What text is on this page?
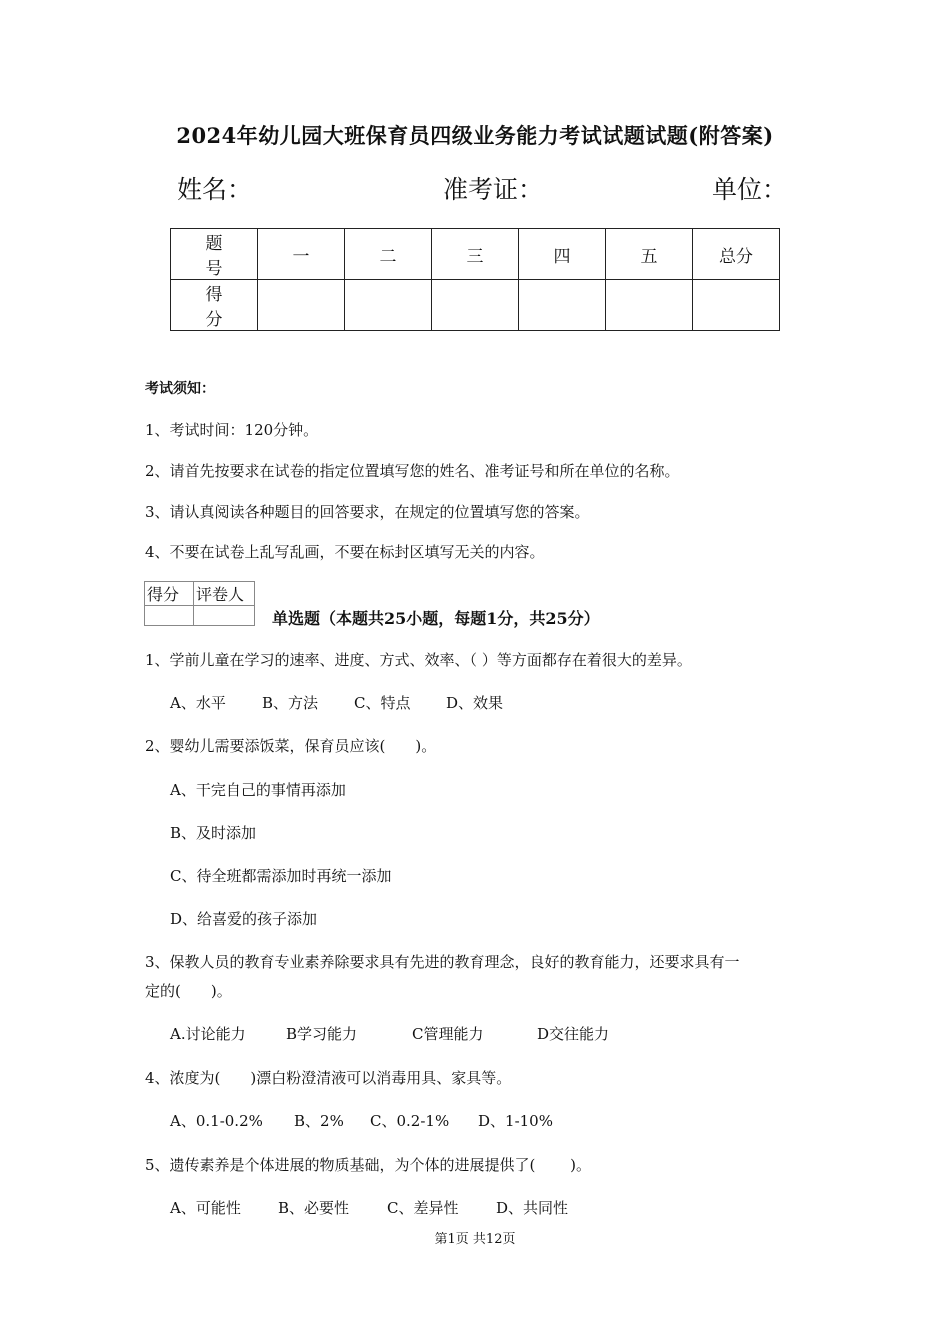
2024年幼儿园大班保育员四级业务能力考试试题试题(附答案)
姓名：	准考证：	单位：
题 号	一	二	三	四	五	总分
得 分						
考试须知：
1、考试时间：120分钟。
2、请首先按要求在试卷的指定位置填写您的姓名、准考证号和所在单位的名称。
3、请认真阅读各种题目的回答要求，在规定的位置填写您的答案。
4、不要在试卷上乱写乱画，不要在标封区填写无关的内容。
得分	评卷人

单选题（本题共25小题，每题1分，共25分）
1、学前儿童在学习的速率、进度、方式、效率、（ ）等方面都存在着很大的差异。
A、水平 B、方法 C、特点 D、效果
2、婴幼儿需要添饭菜，保育员应该(　　)。
A、干完自己的事情再添加
B、及时添加
C、待全班都需添加时再统一添加
D、给喜爱的孩子添加
3、保教人员的教育专业素养除要求具有先进的教育理念，良好的教育能力，还要求具有一
定的(　　)。
A.讨论能力	B学习能力	C管理能力	D交往能力
4、浓度为(　　)漂白粉澄清液可以消毒用具、家具等。
A、0.1-0.2% B、2% C、0.2-1% D、1-10%
5、遗传素养是个体进展的物质基础，为个体的进展提供了(　　 )。
A、可能性 B、必要性	C、差异性	D、共同性
第1页 共12页
